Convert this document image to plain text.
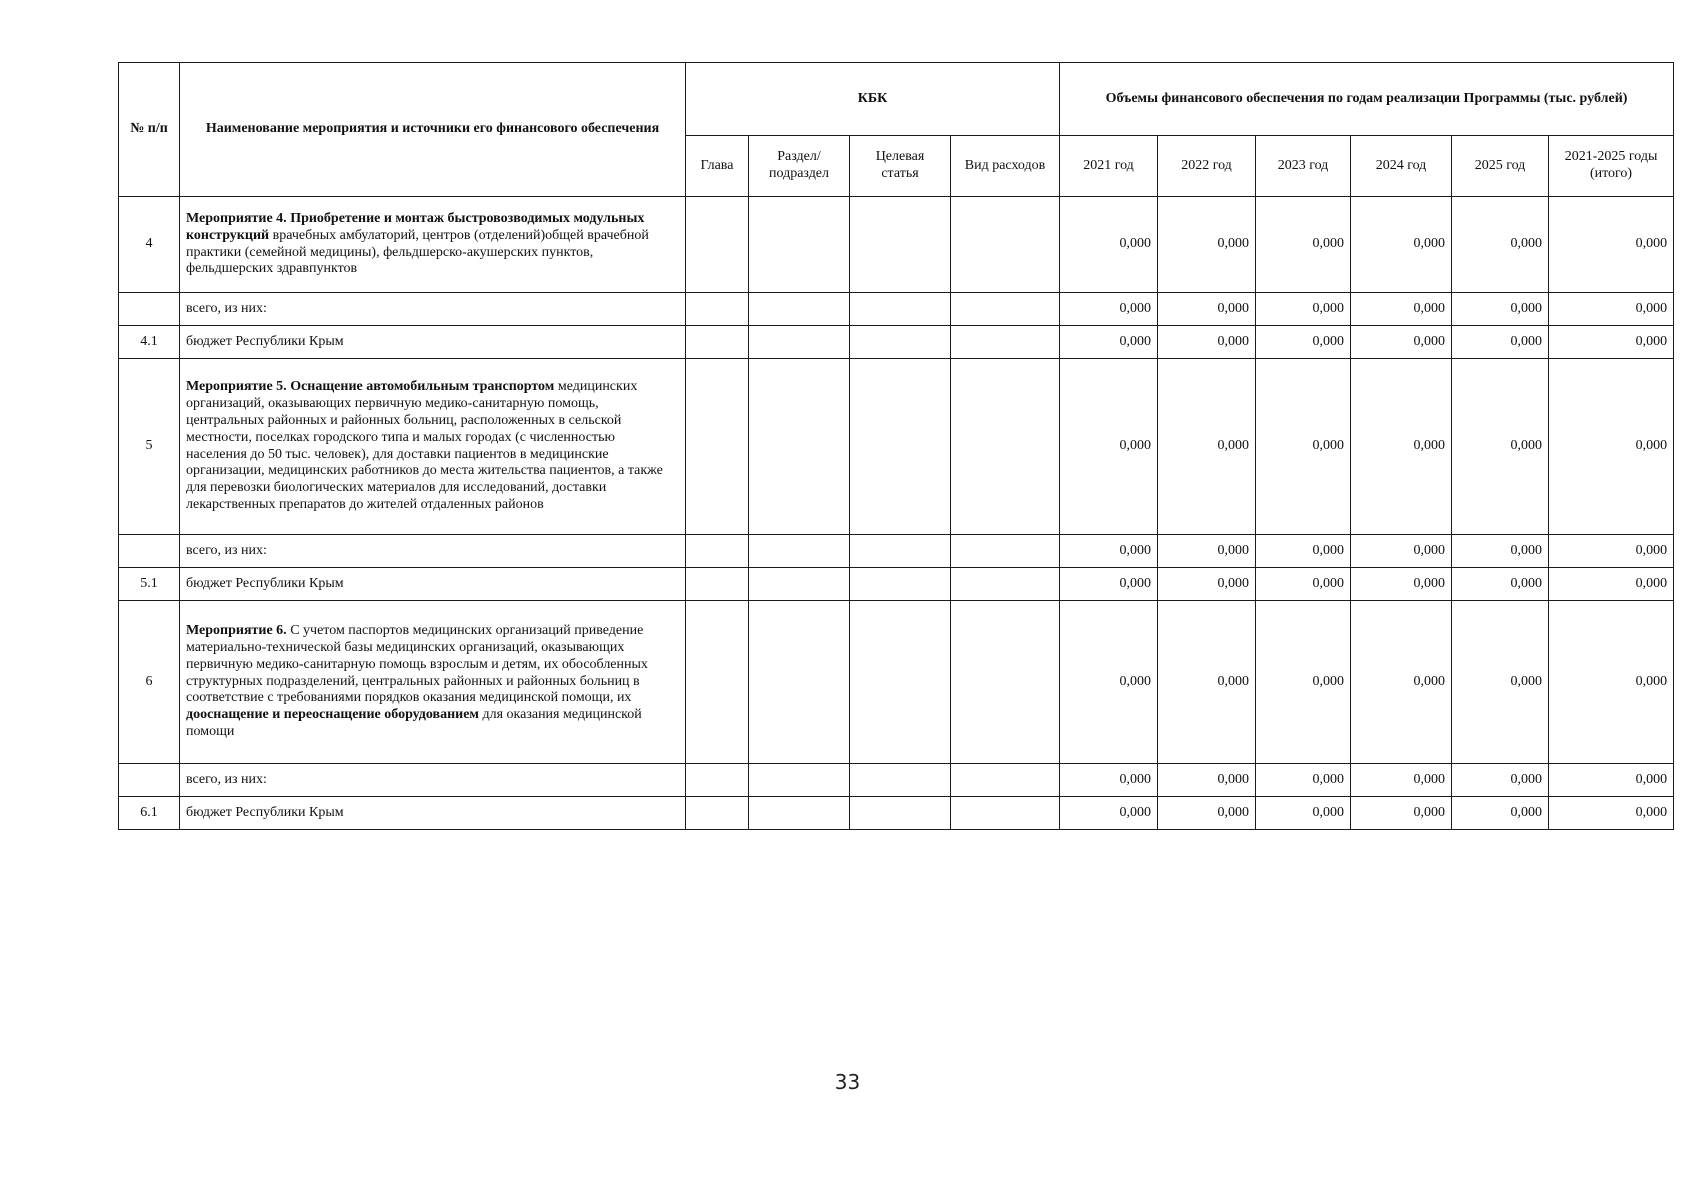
№ п/п	Наименование мероприятия и источники его финансового обеспечения	КБК				Объемы финансового обеспечения по годам реализации Программы (тыс. рублей)					
		Глава	Раздел/ подраздел	Целевая статья	Вид расходов	2021 год	2022 год	2023 год	2024 год	2025 год	2021-2025 годы (итого)
4	Мероприятие 4. Приобретение и монтаж быстровозводимых модульных конструкций врачебных амбулаторий, центров (отделений)общей врачебной практики (семейной медицины), фельдшерско-акушерских пунктов, фельдшерских здравпунктов					0,000	0,000	0,000	0,000	0,000	0,000
	всего, из них:					0,000	0,000	0,000	0,000	0,000	0,000
4.1	бюджет Республики Крым					0,000	0,000	0,000	0,000	0,000	0,000
5	Мероприятие 5. Оснащение автомобильным транспортом медицинских организаций, оказывающих первичную медико-санитарную помощь, центральных районных и районных больниц, расположенных в сельской местности, поселках городского типа и малых городах (с численностью населения до 50 тыс. человек), для доставки пациентов в медицинские организации, медицинских работников до места жительства пациентов, а также для перевозки биологических материалов для исследований, доставки лекарственных препаратов до жителей отдаленных районов					0,000	0,000	0,000	0,000	0,000	0,000
	всего, из них:					0,000	0,000	0,000	0,000	0,000	0,000
5.1	бюджет Республики Крым					0,000	0,000	0,000	0,000	0,000	0,000
6	Мероприятие 6. С учетом паспортов медицинских организаций приведение материально-технической базы медицинских организаций, оказывающих первичную медико-санитарную помощь взрослым и детям, их обособленных структурных подразделений, центральных районных и районных больниц в соответствие с требованиями порядков оказания медицинской помощи, их дооснащение и переоснащение оборудованием для оказания медицинской помощи					0,000	0,000	0,000	0,000	0,000	0,000
	всего, из них:					0,000	0,000	0,000	0,000	0,000	0,000
6.1	бюджет Республики Крым					0,000	0,000	0,000	0,000	0,000	0,000
33
